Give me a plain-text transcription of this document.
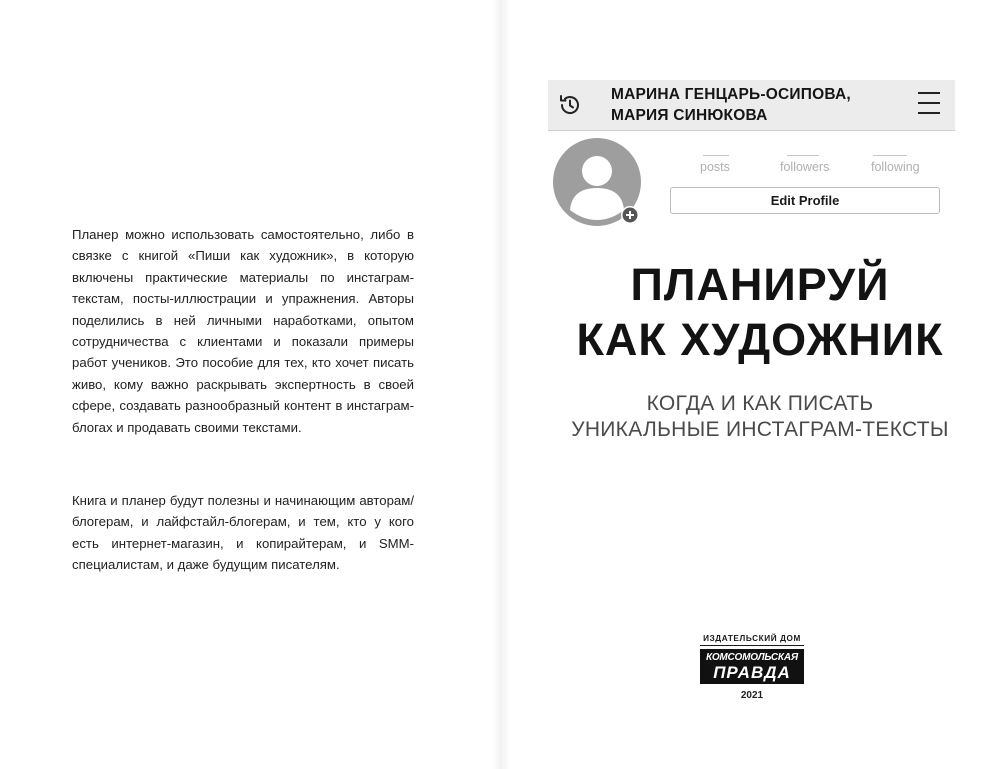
Планер можно использовать самостоятельно, либо в связке с книгой «Пиши как художник», в которую включены практические материалы по инстаграм-текстам, посты-иллюстрации и упражнения. Авторы поделились в ней личными наработками, опытом сотрудничества с клиентами и показали примеры работ учеников. Это пособие для тех, кто хочет писать живо, кому важно раскрывать экспертность в своей сфере, создавать разнообразный контент в инстаграм-блогах и продавать своими текстами.

Книга и планер будут полезны и начинающим авторам/блогерам, и лайфстайл-блогерам, и тем, кто у кого есть интернет-магазин, и копирайтерам, и SMM-специалистам, и даже будущим писателям.

МАРИНА ГЕНЦАРЬ-ОСИПОВА,
МАРИЯ СИНЮКОВА
posts	followers	following
Edit Profile
ПЛАНИРУЙ
КАК ХУДОЖНИК
КОГДА И КАК ПИСАТЬ
УНИКАЛЬНЫЕ ИНСТАГРАМ-ТЕКСТЫ
ИЗДАТЕЛЬСКИЙ ДОМ
КОМСОМОЛЬСКАЯ
ПРАВДА
2021
